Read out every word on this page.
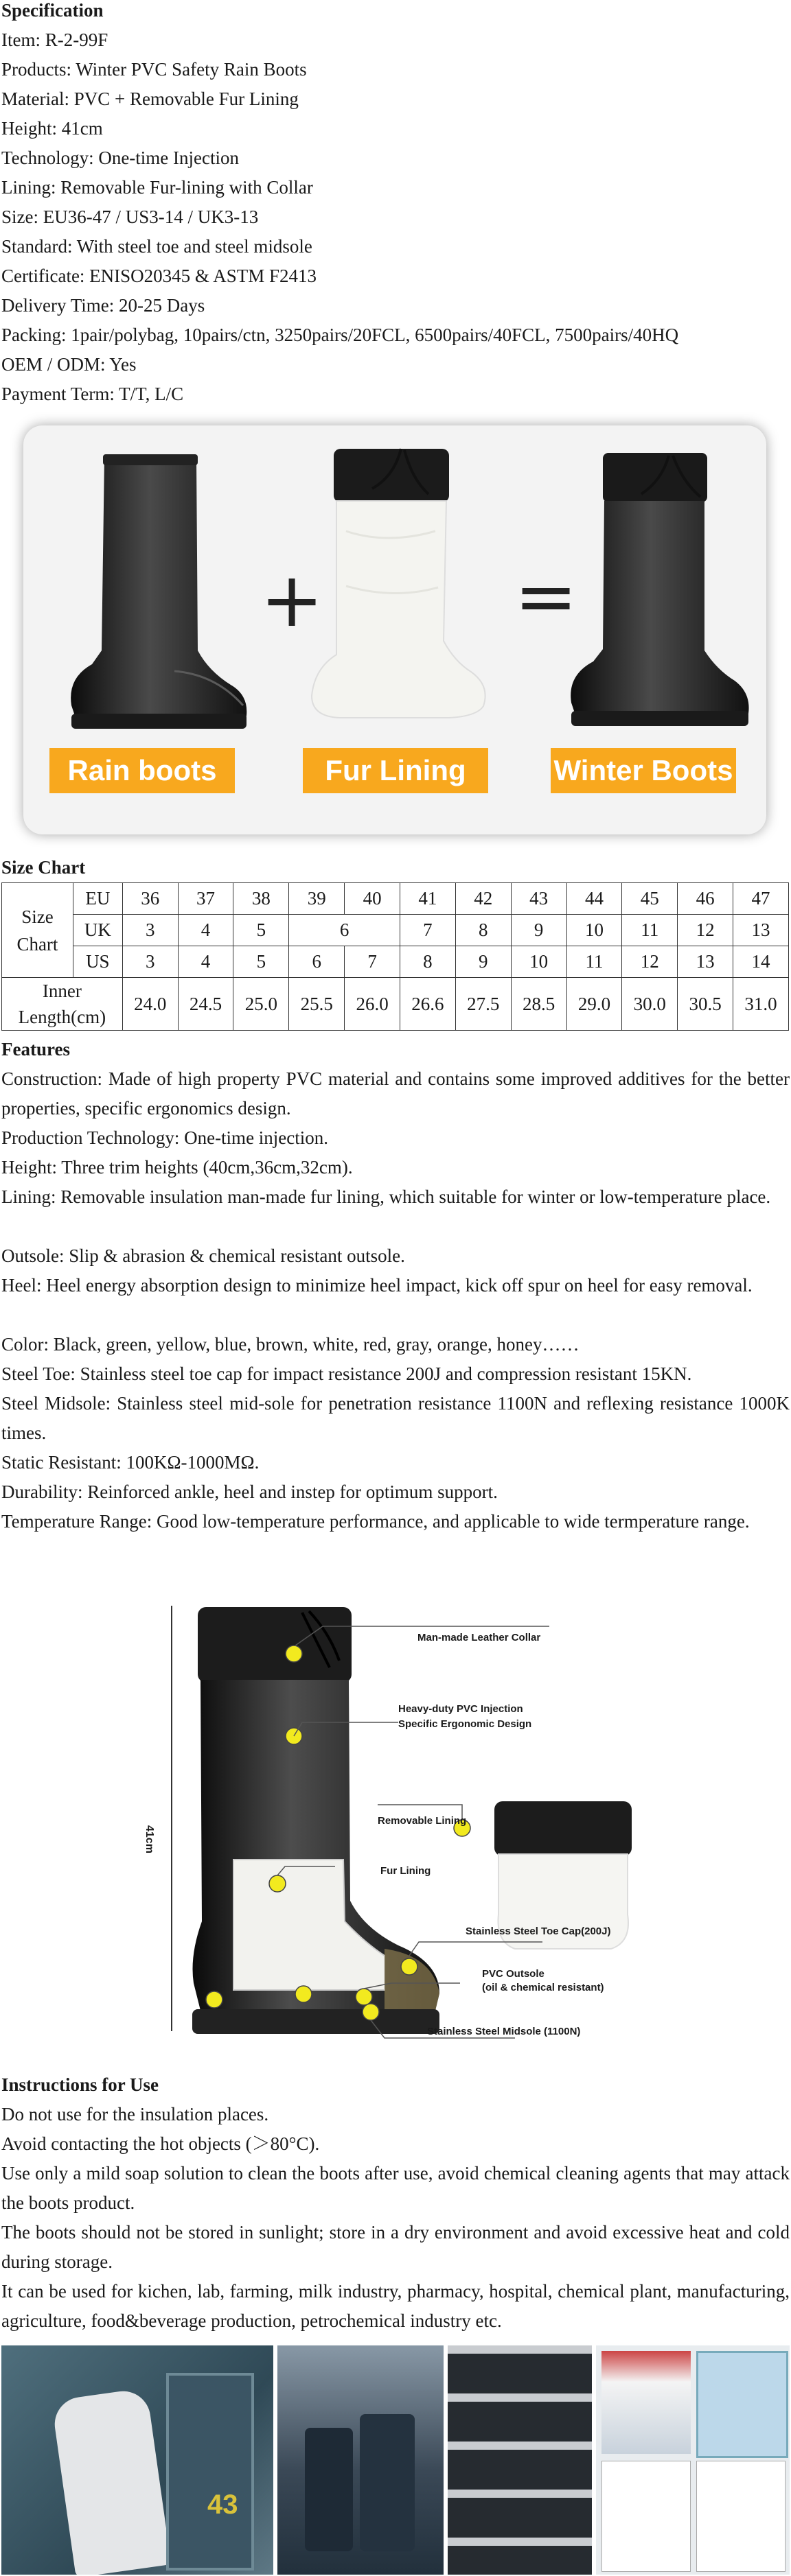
Specification
Item: R-2-99F
Products: Winter PVC Safety Rain Boots
Material: PVC + Removable Fur Lining
Height: 41cm
Technology: One-time Injection
Lining: Removable Fur-lining with Collar
Size: EU36-47 / US3-14 / UK3-13
Standard: With steel toe and steel midsole
Certificate: ENISO20345 & ASTM F2413
Delivery Time: 20-25 Days
Packing: 1pair/polybag, 10pairs/ctn, 3250pairs/20FCL, 6500pairs/40FCL, 7500pairs/40HQ
OEM / ODM: Yes
Payment Term: T/T, L/C
+	=
Rain boots	Fur Lining	Winter Boots
Size Chart
Size Chart	EU	36	37	38	39	40	41	42	43	44	45	46	47
	UK	3	4	5	6		7	8	9	10	11	12	13
	US	3	4	5	6	7	8	9	10	11	12	13	14
Inner Length(cm)		24.0	24.5	25.0	25.5	26.0	26.6	27.5	28.5	29.0	30.0	30.5	31.0
Features
Construction: Made of high property PVC material and contains some improved additives for the better properties, specific ergonomics design.
Production Technology: One-time injection.
Height: Three trim heights (40cm,36cm,32cm).
Lining: Removable insulation man-made fur lining, which suitable for winter or low-temperature place.
Outsole: Slip & abrasion & chemical resistant outsole.
Heel: Heel energy absorption design to minimize heel impact, kick off spur on heel for easy removal.
Color: Black, green, yellow, blue, brown, white, red, gray, orange, honey……
Steel Toe: Stainless steel toe cap for impact resistance 200J and compression resistant 15KN.
Steel Midsole: Stainless steel mid-sole for penetration resistance 1100N and reflexing resistance 1000K times.
Static Resistant: 100KΩ-1000MΩ.
Durability: Reinforced ankle, heel and instep for optimum support.
Temperature Range: Good low-temperature performance, and applicable to wide termperature range.
41cm
Man-made Leather Collar
Heavy-duty PVC Injection
Specific Ergonomic Design
Removable Lining
Fur Lining
Stainless Steel Toe Cap(200J)
PVC Outsole
(oil & chemical resistant)
Stainless Steel Midsole (1100N)
Instructions for Use
Do not use for the insulation places.
Avoid contacting the hot objects (＞80°C).
Use only a mild soap solution to clean the boots after use, avoid chemical cleaning agents that may attack the boots product.
The boots should not be stored in sunlight; store in a dry environment and avoid excessive heat and cold during storage.
It can be used for kichen, lab, farming, milk industry, pharmacy, hospital, chemical plant, manufacturing, agriculture, food&beverage production, petrochemical industry etc.
43
